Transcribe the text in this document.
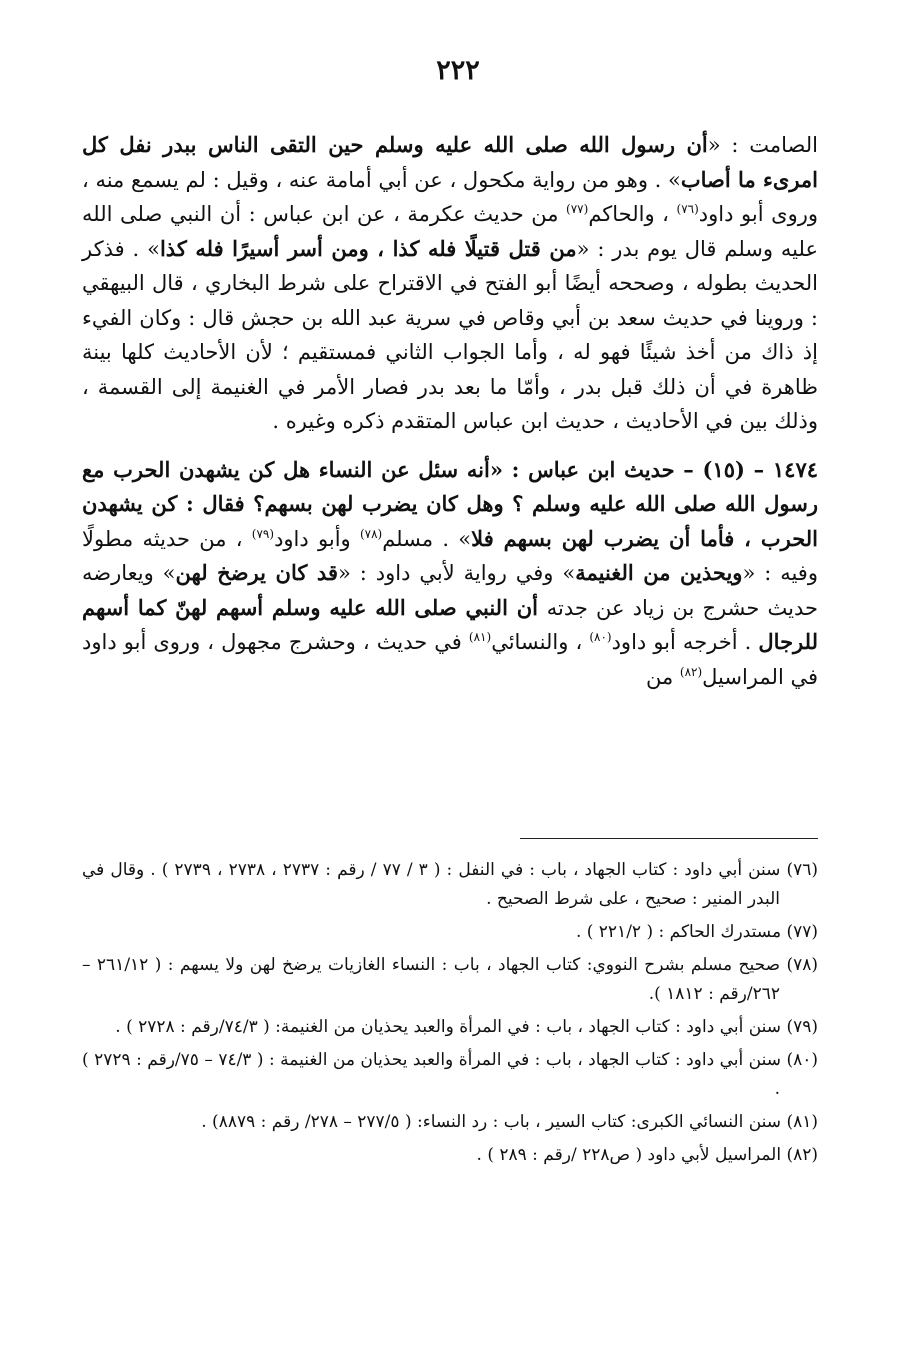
٢٢٢

الصامت : «أن رسول الله صلى الله عليه وسلم حين التقى الناس ببدر نفل كل امرىء ما أصاب» . وهو من رواية مكحول ، عن أبي أمامة عنه ، وقيل : لم يسمع منه ، وروى أبو داود$^{(٧٦)}$ ، والحاكم$^{(٧٧)}$ من حديث عكرمة ، عن ابن عباس : أن النبي صلى الله عليه وسلم قال يوم بدر : «من قتل قتيلًا فله كذا ، ومن أسر أسيرًا فله كذا» . فذكر الحديث بطوله ، وصححه أيضًا أبو الفتح في الاقتراح على شرط البخاري ، قال البيهقي : وروينا في حديث سعد بن أبي وقاص في سرية عبد الله بن حجش قال : وكان الفيء إذ ذاك من أخذ شيئًا فهو له ، وأما الجواب الثاني فمستقيم ؛ لأن الأحاديث كلها بينة ظاهرة في أن ذلك قبل بدر ، وأمّا ما بعد بدر فصار الأمر في الغنيمة إلى القسمة ، وذلك بين في الأحاديث ، حديث ابن عباس المتقدم ذكره وغيره .

١٤٧٤ – (١٥) – حديث ابن عباس : «أنه سئل عن النساء هل كن يشهدن الحرب مع رسول الله صلى الله عليه وسلم ؟ وهل كان يضرب لهن بسهم؟ فقال : كن يشهدن الحرب ، فأما أن يضرب لهن بسهم فلا» . مسلم$^{(٧٨)}$ وأبو داود$^{(٧٩)}$ ، من حديثه مطولًا وفيه : «ويحذين من الغنيمة» وفي رواية لأبي داود : «قد كان يرضخ لهن» ويعارضه حديث حشرج بن زياد عن جدته أن النبي صلى الله عليه وسلم أسهم لهنّ كما أسهم للرجال . أخرجه أبو داود$^{(٨٠)}$ ، والنسائي$^{(٨١)}$ في حديث ، وحشرج مجهول ، وروى أبو داود في المراسيل$^{(٨٢)}$ من

(٧٦) سنن أبي داود : كتاب الجهاد ، باب : في النفل : ( ٣ / ٧٧ / رقم : ٢٧٣٧ ، ٢٧٣٨ ، ٢٧٣٩ ) . وقال في البدر المنير : صحيح ، على شرط الصحيح .

(٧٧) مستدرك الحاكم : ( ٢٢١/٢ ) .

(٧٨) صحيح مسلم بشرح النووي: كتاب الجهاد ، باب : النساء الغازيات يرضخ لهن ولا يسهم : ( ٢٦١/١٢ – ٢٦٢/رقم : ١٨١٢ ).

(٧٩) سنن أبي داود : كتاب الجهاد ، باب : في المرأة والعبد يحذيان من الغنيمة: ( ٧٤/٣/رقم : ٢٧٢٨ ) .

(٨٠) سنن أبي داود : كتاب الجهاد ، باب : في المرأة والعبد يحذيان من الغنيمة : ( ٧٤/٣ – ٧٥/رقم : ٢٧٢٩ ) .

(٨١) سنن النسائي الكبرى: كتاب السير ، باب : رد النساء: ( ٢٧٧/٥ – ٢٧٨/ رقم : ٨٨٧٩) .

(٨٢) المراسيل لأبي داود ( ص٢٢٨ /رقم : ٢٨٩ ) .
